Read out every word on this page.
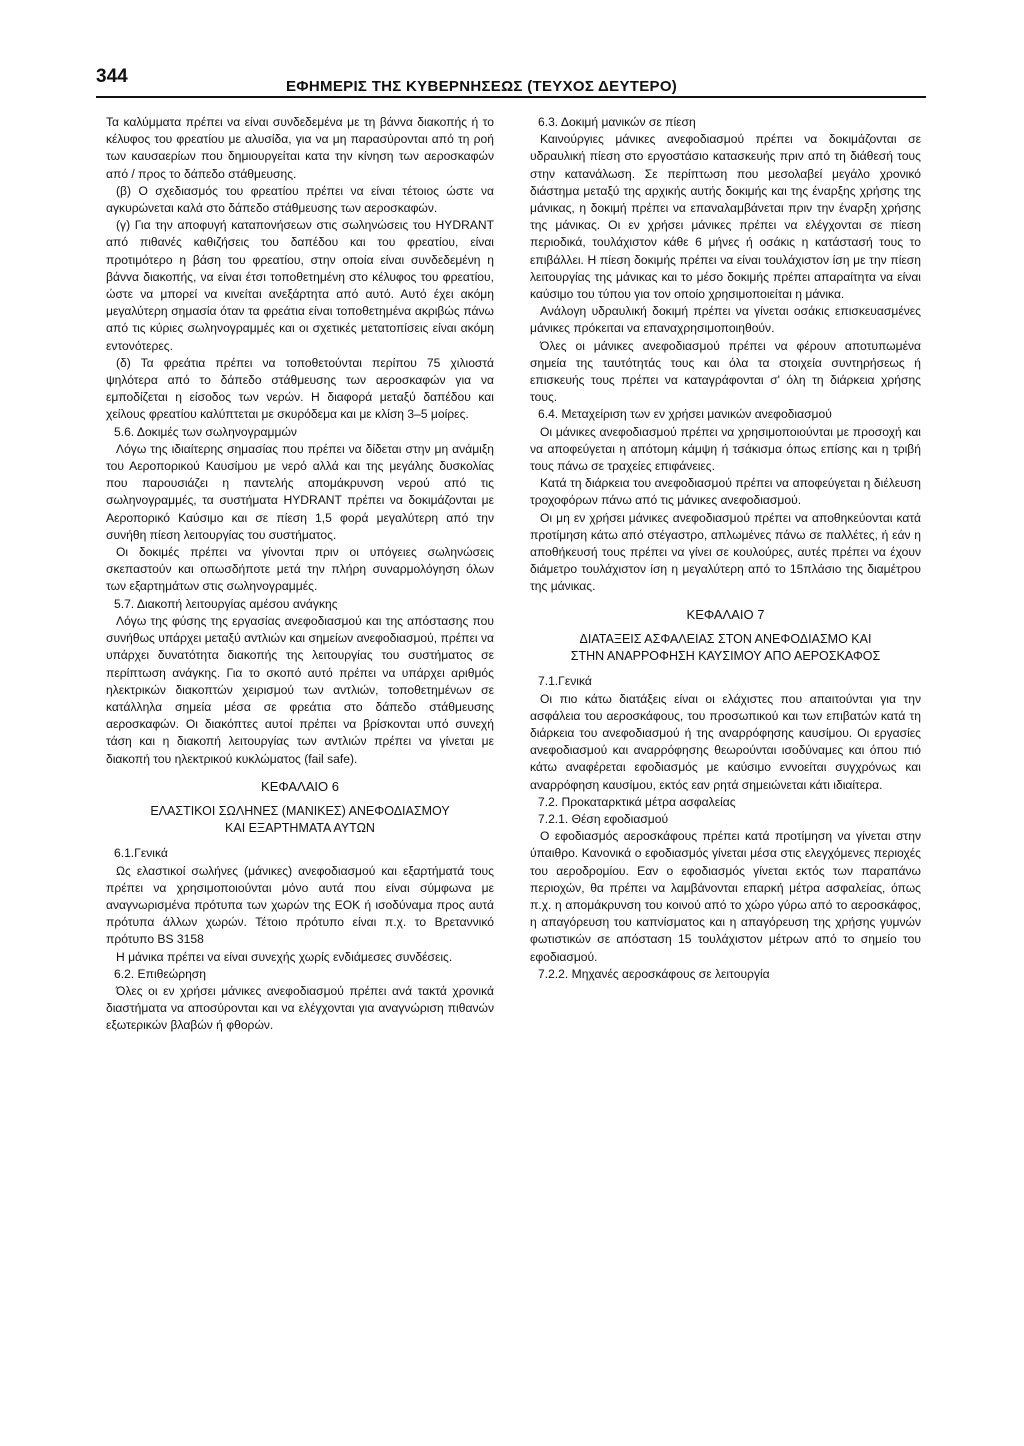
344	ΕΦΗΜΕΡΙΣ ΤΗΣ ΚΥΒΕΡΝΗΣΕΩΣ (ΤΕΥΧΟΣ ΔΕΥΤΕΡΟ)

Τα καλύμματα πρέπει να είναι συνδεδεμένα με τη βάνvα διακοπής ή το κέλυφος του φρεατίου με αλυσίδα, για να μη παρασύρονται από τη ροή των καυσαερίων που δημιουργείται κατα την κίνηση των αεροσκαφών από / προς το δάπεδο στάθμευσης.

(β) Ο σχεδιασμός του φρεατίου πρέπει να είναι τέτοιος ώστε να αγκυρώνεται καλά στο δάπεδο στάθμευσης των αεροσκαφών.

(γ) Για την αποφυγή καταπονήσεων στις σωληνώσεις του HYDRANT από πιθανές καθιζήσεις του δαπέδου και του φρεατίου, είναι προτιμότερο η βάση του φρεατίου, στην οποία είναι συνδεδεμένη η βάνvα διακοπής, να είναι έτσι τοποθετημένη στο κέλυφος του φρεατίου, ώστε να μπορεί να κινείται ανεξάρτητα από αυτό. Αυτό έχει ακόμη μεγαλύτερη σημασία όταν τα φρεάτια είναι τοποθετημένα ακριβώς πάνω από τις κύριες σωληνογραμμές και οι σχετικές μετατοπίσεις είναι ακόμη εντονότερες.

(δ) Τα φρεάτια πρέπει να τοποθετούνται περίπου 75 χιλιοστά ψηλότερα από το δάπεδο στάθμευσης των αεροσκαφών για να εμποδίζεται η είσοδος των νερών. Η διαφορά μεταξύ δαπέδου και χείλους φρεατίου καλύπτεται με σκυρόδεμα και με κλίση 3–5 μοίρες.

5.6. Δοκιμές των σωληνογραμμών

Λόγω της ιδιαίτερης σημασίας που πρέπει να δίδεται στην μη ανάμιξη του Αεροπορικού Καυσίμου με νερό αλλά και της μεγάλης δυσκολίας που παρουσιάζει η παντελής απομάκρυνση νερού από τις σωληνογραμμές, τα συστήματα HYDRANT πρέπει να δοκιμάζονται με Αεροπορικό Καύσιμο και σε πίεση 1,5 φορά μεγαλύτερη από την συνήθη πίεση λειτουργίας του συστήματος.

Οι δοκιμές πρέπει να γίνονται πριν οι υπόγειες σωληνώσεις σκεπαστούν και οπωσδήποτε μετά την πλήρη συναρμολόγηση όλων των εξαρτημάτων στις σωληνογραμμές.

5.7. Διακοπή λειτουργίας αμέσου ανάγκης

Λόγω της φύσης της εργασίας ανεφοδιασμού και της απόστασης που συνήθως υπάρχει μεταξύ αντλιών και σημείων ανεφοδιασμού, πρέπει να υπάρχει δυνατότητα διακοπής της λειτουργίας του συστήματος σε περίπτωση ανάγκης. Για το σκοπό αυτό πρέπει να υπάρχει αριθμός ηλεκτρικών διακοπτών χειρισμού των αντλιών, τοποθετημένων σε κατάλληλα σημεία μέσα σε φρεάτια στο δάπεδο στάθμευσης αεροσκαφών. Οι διακόπτες αυτοί πρέπει να βρίσκονται υπό συνεχή τάση και η διακοπή λειτουργίας των αντλιών πρέπει να γίνεται με διακοπή του ηλεκτρικού κυκλώματος (fail safe).

ΚΕΦΑΛΑΙΟ 6
ΕΛΑΣΤΙΚΟΙ ΣΩΛΗΝΕΣ (ΜΑΝΙΚΕΣ) ΑΝΕΦΟΔΙΑΣΜΟΥ
ΚΑΙ ΕΞΑΡΤΗΜΑΤΑ ΑΥΤΩΝ
6.1.Γενικά

Ως ελαστικοί σωλήνες (μάνικες) ανεφοδιασμού και εξαρτήματά τους πρέπει να χρησιμοποιούνται μόνο αυτά που είναι σύμφωνα με αναγνωρισμένα πρότυπα των χωρών της ΕΟΚ ή ισοδύναμα προς αυτά πρότυπα άλλων χωρών. Τέτοιο πρότυπο είναι π.χ. το Βρεταννικό πρότυπο BS 3158

Η μάνικα πρέπει να είναι συνεχής χωρίς ενδιάμεσες συνδέσεις.

6.2. Επιθεώρηση

Όλες οι εν χρήσει μάνικες ανεφοδιασμού πρέπει ανά τακτά χρονικά διαστήματα να αποσύρονται και να ελέγχονται για αναγνώριση πιθανών εξωτερικών βλαβών ή φθορών.

6.3. Δοκιμή μανικών σε πίεση

Καινούργιες μάνικες ανεφοδιασμού πρέπει να δοκιμάζονται σε υδραυλική πίεση στο εργοστάσιο κατασκευής πριν από τη διάθεσή τους στην κατανάλωση. Σε περίπτωση που μεσολαβεί μεγάλο χρονικό διάστημα μεταξύ της αρχικής αυτής δοκιμής και της έναρξης χρήσης της μάνικας, η δοκιμή πρέπει να επαναλαμβάνεται πριν την έναρξη χρήσης της μάνικας. Οι εν χρήσει μάνικες πρέπει να ελέγχονται σε πίεση περιοδικά, τουλάχιστον κάθε 6 μήνες ή οσάκις η κατάστασή τους το επιβάλλει. Η πίεση δοκιμής πρέπει να είναι τουλάχιστον ίση με την πίεση λειτουργίας της μάνικας και το μέσο δοκιμής πρέπει απαραίτητα να είναι καύσιμο του τύπου για τον οποίο χρησιμοποιείται η μάνικα.

Ανάλογη υδραυλική δοκιμή πρέπει να γίνεται οσάκις επισκευασμένες μάνικες πρόκειται να επαναχρησιμοποιηθούν.

Όλες οι μάνικες ανεφοδιασμού πρέπει να φέρουν αποτυπωμένα σημεία της ταυτότητάς τους και όλα τα στοιχεία συντηρήσεως ή επισκευής τους πρέπει να καταγράφονται σ' όλη τη διάρκεια χρήσης τους.

6.4. Μεταχείριση των εν χρήσει μανικών ανεφοδιασμού

Οι μάνικες ανεφοδιασμού πρέπει να χρησιμοποιούνται με προσοχή και να αποφεύγεται η απότομη κάμψη ή τσάκισμα όπως επίσης και η τριβή τους πάνω σε τραχείες επιφάνειες.

Κατά τη διάρκεια του ανεφοδιασμού πρέπει να αποφεύγεται η διέλευση τροχοφόρων πάνω από τις μάνικες ανεφοδιασμού.

Οι μη εν χρήσει μάνικες ανεφοδιασμού πρέπει να αποθηκεύονται κατά προτίμηση κάτω από στέγαστρο, απλωμένες πάνω σε παλλέτες, ή εάν η αποθήκευσή τους πρέπει να γίνει σε κουλούρες, αυτές πρέπει να έχουν διάμετρο τουλάχιστον ίση η μεγαλύτερη από το 15πλάσιο της διαμέτρου της μάνικας.

ΚΕΦΑΛΑΙΟ 7
ΔΙΑΤΑΞΕΙΣ ΑΣΦΑΛΕΙΑΣ ΣΤΟΝ ΑΝΕΦΟΔΙΑΣΜΟ ΚΑΙ
ΣΤΗΝ ΑΝΑΡΡΟΦΗΣΗ ΚΑΥΣΙΜΟΥ ΑΠΟ ΑΕΡΟΣΚΑΦΟΣ
7.1.Γενικά

Οι πιο κάτω διατάξεις είναι οι ελάχιστες που απαιτούνται για την ασφάλεια του αεροσκάφους, του προσωπικού και των επιβατών κατά τη διάρκεια του ανεφοδιασμού ή της αναρρόφησης καυσίμου. Οι εργασίες ανεφοδιασμού και αναρρόφησης θεωρούνται ισοδύναμες και όπου πιό κάτω αναφέρεται εφοδιασμός με καύσιμο εννοείται συγχρόνως και αναρρόφηση καυσίμου, εκτός εαν ρητά σημειώνεται κάτι ιδιαίτερα.

7.2. Προκαταρκτικά μέτρα ασφαλείας
7.2.1. Θέση εφοδιασμού

Ο εφοδιασμός αεροσκάφους πρέπει κατά προτίμηση να γίνεται στην ύπαιθρο. Κανονικά ο εφοδιασμός γίνεται μέσα στις ελεγχόμενες περιοχές του αεροδρομίου. Εαν ο εφοδιασμός γίνεται εκτός των παραπάνω περιοχών, θα πρέπει να λαμβάνονται επαρκή μέτρα ασφαλείας, όπως π.χ. η απομάκρυνση του κοινού από το χώρο γύρω από το αεροσκάφος, η απαγόρευση του καπνίσματος και η απαγόρευση της χρήσης γυμνών φωτιστικών σε απόσταση 15 τουλάχιστον μέτρων από το σημείο του εφοδιασμού.

7.2.2. Μηχανές αεροσκάφους σε λειτουργία
